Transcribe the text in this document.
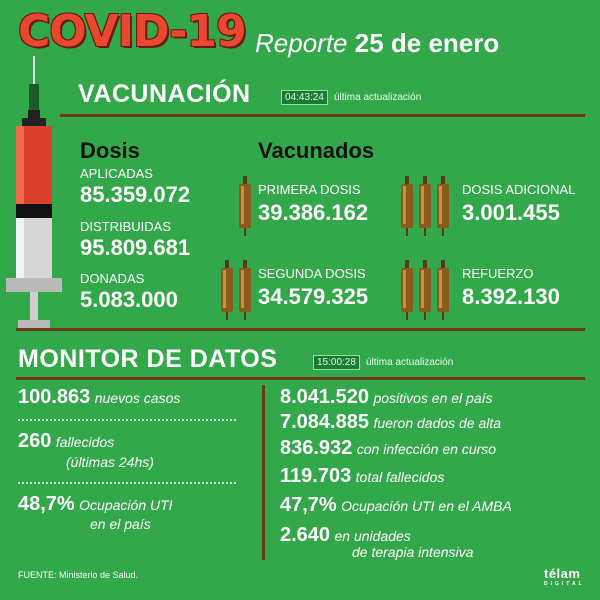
COVID-19 Reporte 25 de enero
VACUNACIÓN	04:43:24	última actualización
Dosis
APLICADAS
85.359.072
DISTRIBUIDAS
95.809.681
DONADAS
5.083.000
Vacunados
PRIMERA DOSIS
39.386.162
DOSIS ADICIONAL
3.001.455
SEGUNDA DOSIS
34.579.325
REFUERZO
8.392.130
MONITOR DE DATOS	15:00:28	última actualización
100.863 nuevos casos
260 fallecidos
(últimas 24hs)
48,7% Ocupación UTI
en el país
8.041.520 positivos en el país
7.084.885 fueron dados de alta
836.932 con infección en curso
119.703 total fallecidos
47,7% Ocupación UTI en el AMBA
2.640 en unidades
de terapia intensiva
FUENTE: Ministerio de Salud.	télam
DIGITAL
